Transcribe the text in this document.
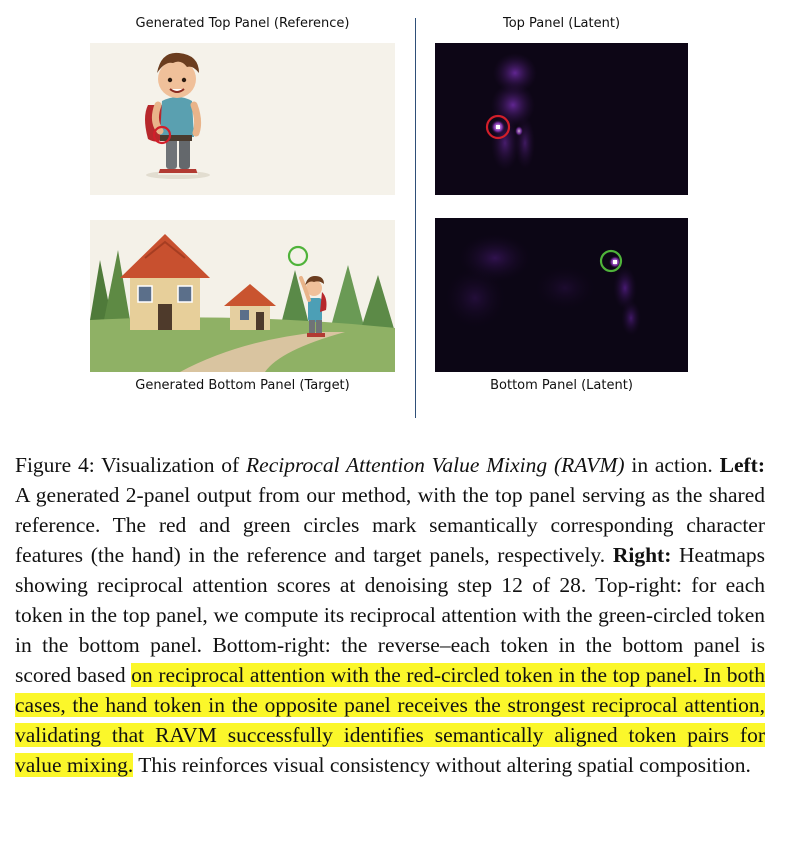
Generated Top Panel (Reference)	Top Panel (Latent)
Generated Bottom Panel (Target)	Bottom Panel (Latent)
Figure 4: Visualization of Reciprocal Attention Value Mixing (RAVM) in action. Left: A generated 2-panel output from our method, with the top panel serving as the shared reference. The red and green circles mark semantically corresponding character features (the hand) in the reference and target panels, respectively. Right: Heatmaps showing reciprocal attention scores at denoising step 12 of 28. Top-right: for each token in the top panel, we compute its reciprocal attention with the green-circled token in the bottom panel. Bottom-right: the reverse–each token in the bottom panel is scored based on reciprocal attention with the red-circled token in the top panel. In both cases, the hand token in the opposite panel receives the strongest reciprocal attention, validating that RAVM successfully identifies semantically aligned token pairs for value mixing. This reinforces visual consistency without altering spatial composition.
